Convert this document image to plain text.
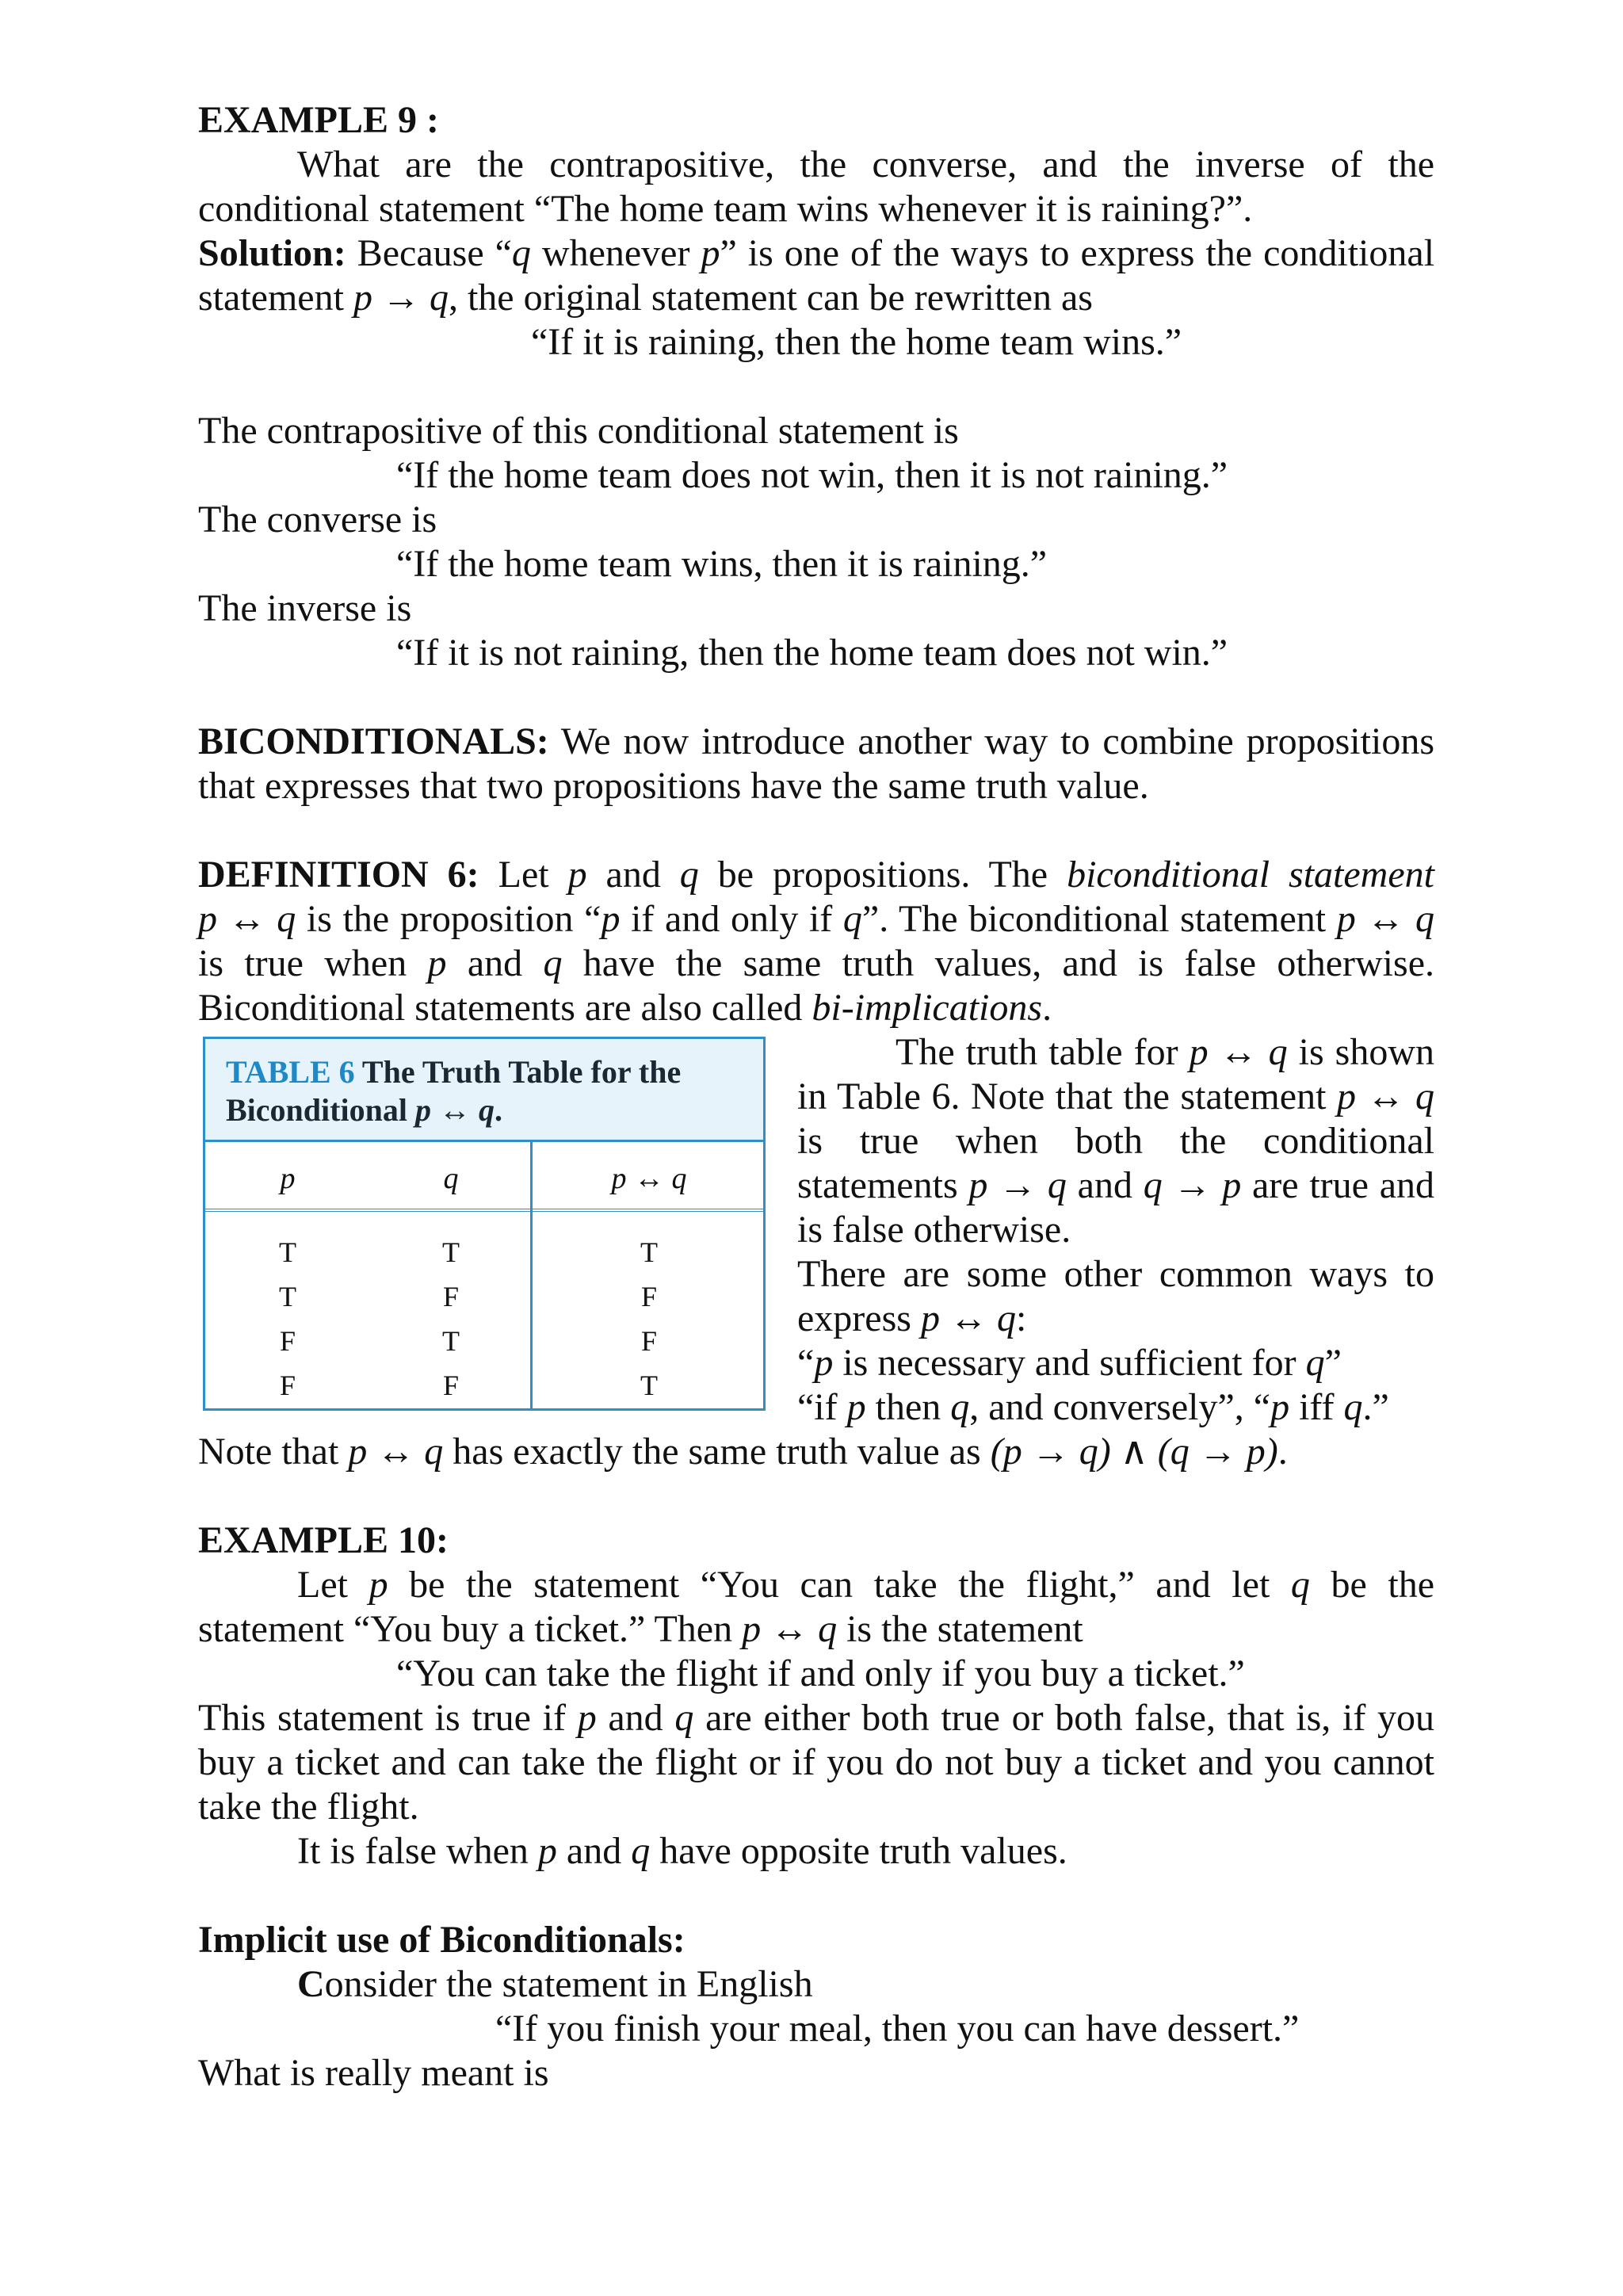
EXAMPLE 9 :
What are the contrapositive, the converse, and the inverse of the
conditional statement “The home team wins whenever it is raining?”.
Solution: Because “q whenever p” is one of the ways to express the conditional
statement p → q, the original statement can be rewritten as
“If it is raining, then the home team wins.”
The contrapositive of this conditional statement is
“If the home team does not win, then it is not raining.”
The converse is
“If the home team wins, then it is raining.”
The inverse is
“If it is not raining, then the home team does not win.”
BICONDITIONALS: We now introduce another way to combine propositions
that expresses that two propositions have the same truth value.
DEFINITION 6: Let p and q be propositions. The biconditional statement
p ↔ q is the proposition “p if and only if q”. The biconditional statement p ↔ q
is true when p and q have the same truth values, and is false otherwise.
Biconditional statements are also called bi-implications.
TABLE 6 The Truth Table for the
Biconditional p ↔ q.
p	q	p ↔ q
T	T	T
T	F	F
F	T	F
F	F	T
The truth table for p ↔ q is shown
in Table 6. Note that the statement p ↔ q
is true when both the conditional
statements p → q and q → p are true and
is false otherwise.
There are some other common ways to
express p ↔ q:
“p is necessary and sufficient for q”
“if p then q, and conversely”, “p iff q.”
Note that p ↔ q has exactly the same truth value as (p → q) ∧ (q → p).
EXAMPLE 10:
Let p be the statement “You can take the flight,” and let q be the
statement “You buy a ticket.” Then p ↔ q is the statement
“You can take the flight if and only if you buy a ticket.”
This statement is true if p and q are either both true or both false, that is, if you
buy a ticket and can take the flight or if you do not buy a ticket and you cannot
take the flight.
It is false when p and q have opposite truth values.
Implicit use of Biconditionals:
Consider the statement in English
“If you finish your meal, then you can have dessert.”
What is really meant is
